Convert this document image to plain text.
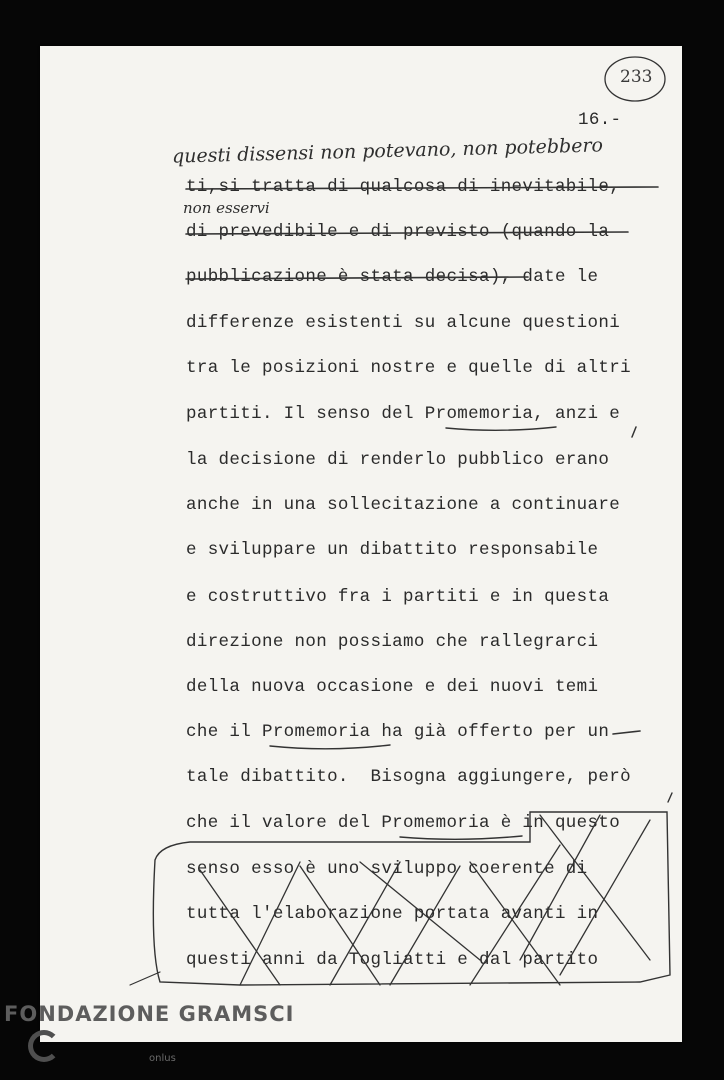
233
16.-
questi dissensi non potevano, non potebbero
non esservi
ti,si tratta di qualcosa di inevitabile,
di prevedibile e di previsto (quando la
pubblicazione è stata decisa), date le
differenze esistenti su alcune questioni
tra le posizioni nostre e quelle di altri
partiti. Il senso del Promemoria, anzi e
la decisione di renderlo pubblico erano
anche in una sollecitazione a continuare
e sviluppare un dibattito responsabile
e costruttivo fra i partiti e in questa
direzione non possiamo che rallegrarci
della nuova occasione e dei nuovi temi
che il Promemoria ha già offerto per un
tale dibattito.  Bisogna aggiungere, però
che il valore del Promemoria è in questo
senso esso è uno sviluppo coerente di
tutta l'elaborazione portata avanti in
questi anni da Togliatti e dal partito
FONDAZIONE GRAMSCI
onlus
